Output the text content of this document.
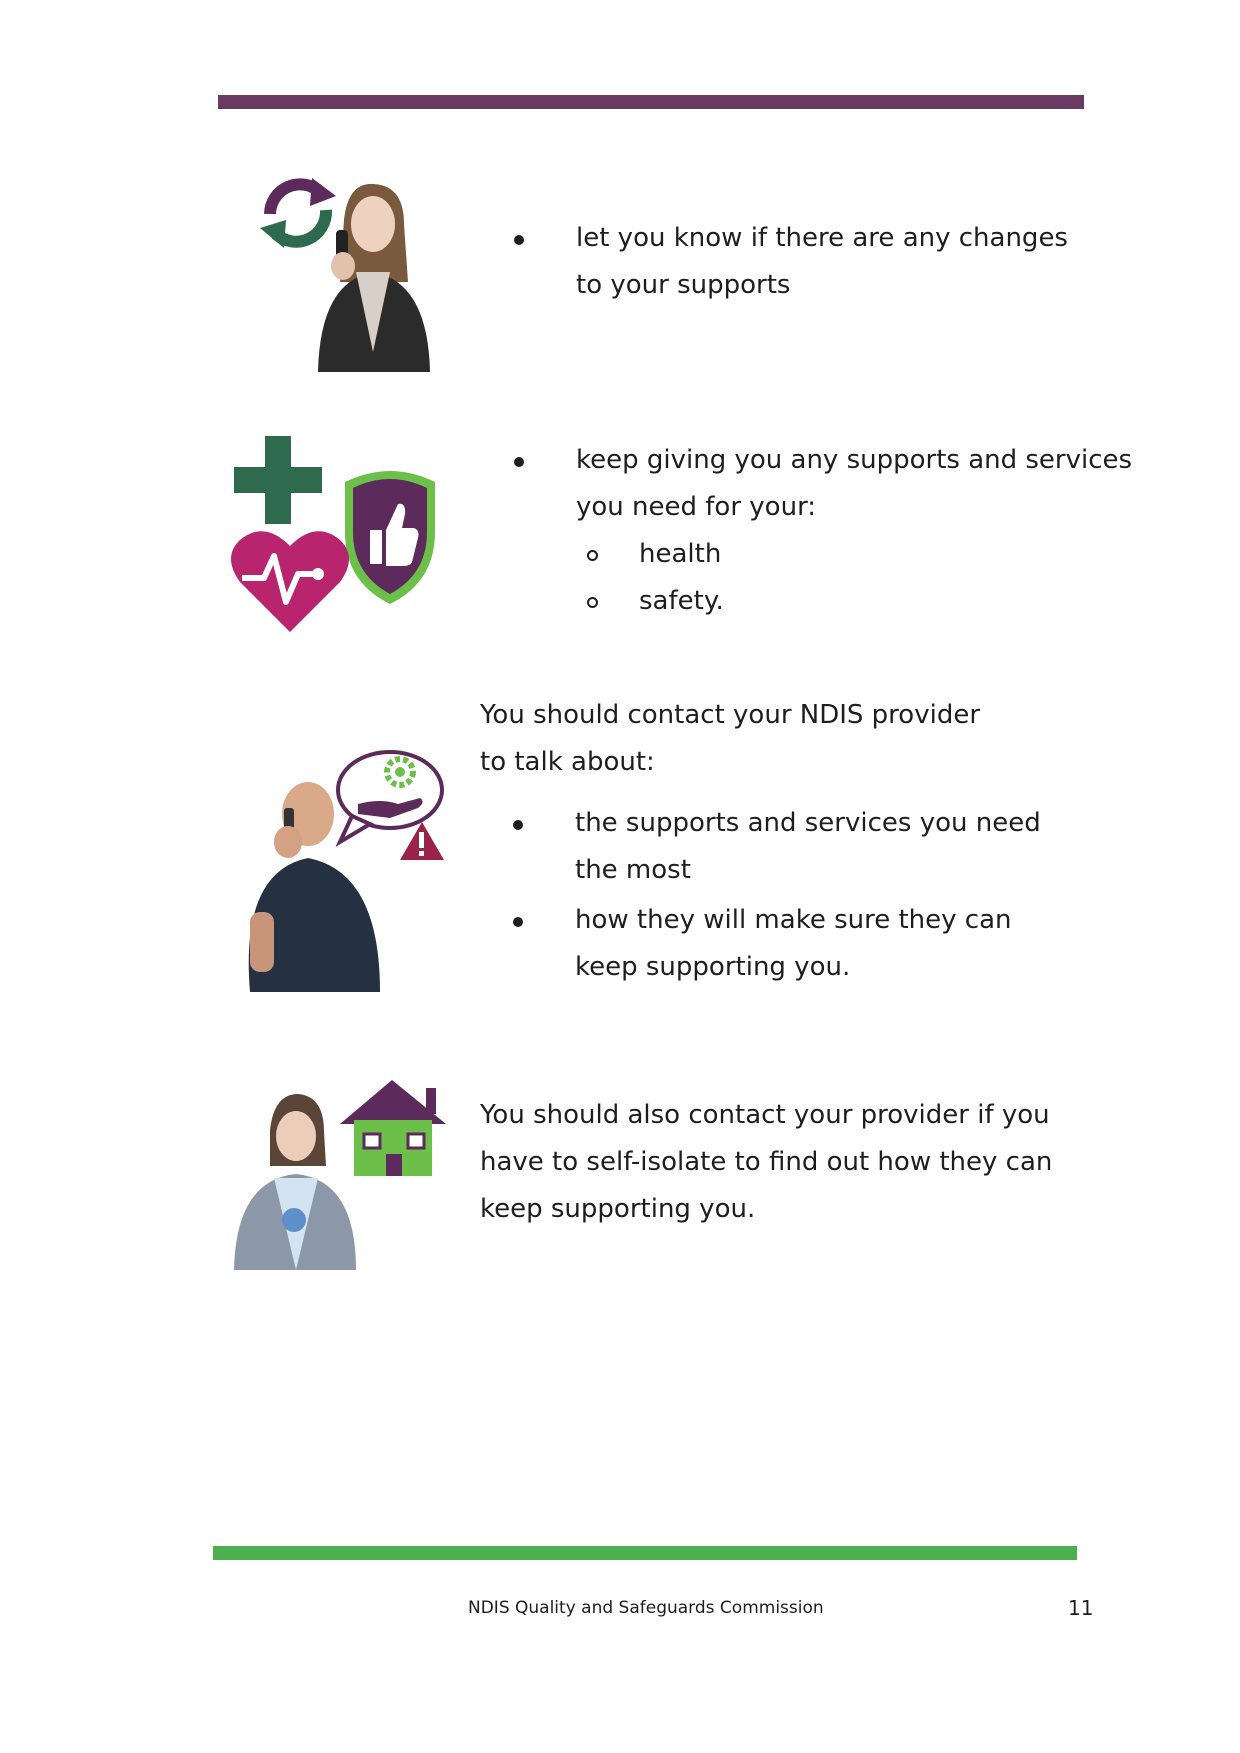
let you know if there are any changes
to your supports
keep giving you any supports and services
you need for your:
health
safety.
You should contact your NDIS provider
to talk about:
the supports and services you need
the most
how they will make sure they can
keep supporting you.
You should also contact your provider if you
have to self-isolate to find out how they can
keep supporting you.
NDIS Quality and Safeguards Commission	11
